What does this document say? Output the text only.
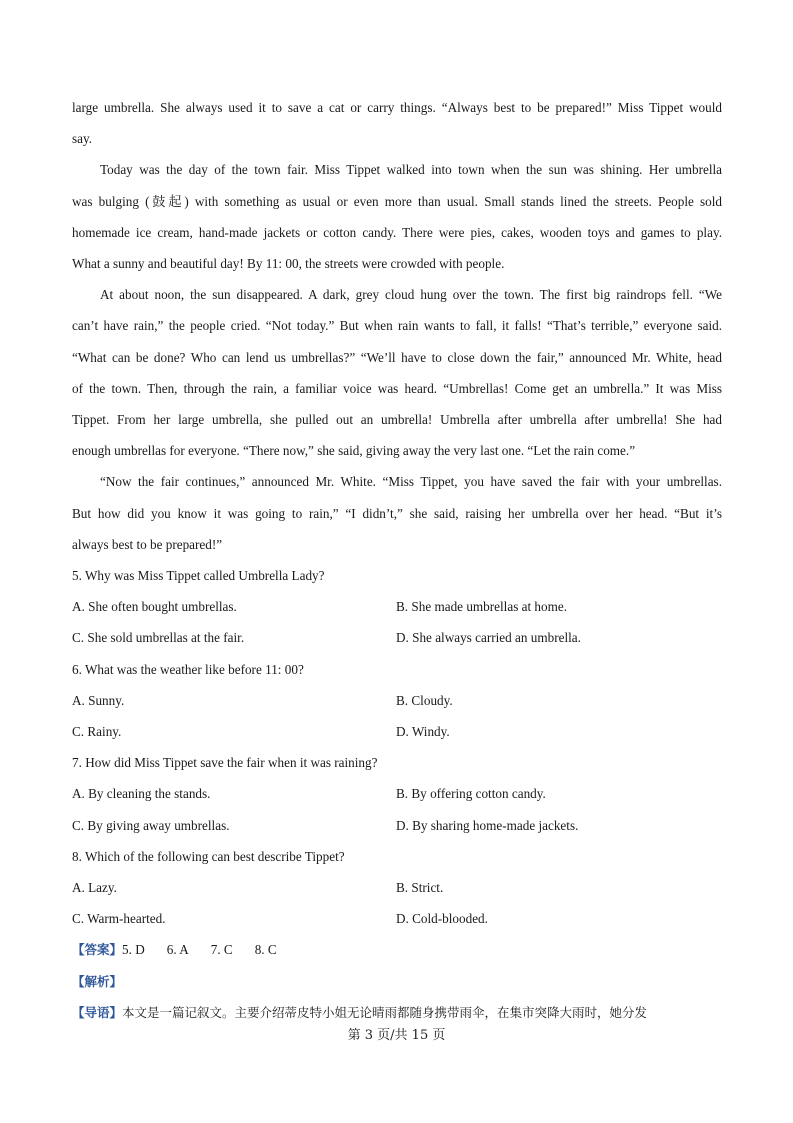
large umbrella. She always used it to save a cat or carry things. “Always best to be prepared!” Miss Tippet would
say.
Today was the day of the town fair. Miss Tippet walked into town when the sun was shining. Her umbrella
was bulging (鼓起) with something as usual or even more than usual. Small stands lined the streets. People sold
homemade ice cream, hand-made jackets or cotton candy. There were pies, cakes, wooden toys and games to play.
What a sunny and beautiful day! By 11: 00, the streets were crowded with people.
At about noon, the sun disappeared. A dark, grey cloud hung over the town. The first big raindrops fell. “We
can’t have rain,” the people cried. “Not today.” But when rain wants to fall, it falls! “That’s terrible,” everyone said.
“What can be done? Who can lend us umbrellas?” “We’ll have to close down the fair,” announced Mr. White, head
of the town. Then, through the rain, a familiar voice was heard. “Umbrellas! Come get an umbrella.” It was Miss
Tippet. From her large umbrella, she pulled out an umbrella! Umbrella after umbrella after umbrella! She had
enough umbrellas for everyone. “There now,” she said, giving away the very last one. “Let the rain come.”
“Now the fair continues,” announced Mr. White. “Miss Tippet, you have saved the fair with your umbrellas.
But how did you know it was going to rain,” “I didn’t,” she said, raising her umbrella over her head. “But it’s
always best to be prepared!”
5. Why was Miss Tippet called Umbrella Lady?
A. She often bought umbrellas.	B. She made umbrellas at home.
C. She sold umbrellas at the fair.	D. She always carried an umbrella.
6. What was the weather like before 11: 00?
A. Sunny.	B. Cloudy.
C. Rainy.	D. Windy.
7. How did Miss Tippet save the fair when it was raining?
A. By cleaning the stands.	B. By offering cotton candy.
C. By giving away umbrellas.	D. By sharing home-made jackets.
8. Which of the following can best describe Tippet?
A. Lazy.	B. Strict.
C. Warm-hearted.	D. Cold-blooded.
【答案】5. D 6. A 7. C 8. C
【解析】
【导语】本文是一篇记叙文。主要介绍蒂皮特小姐无论晴雨都随身携带雨伞，在集市突降大雨时，她分发
第 3 页/共 15 页
